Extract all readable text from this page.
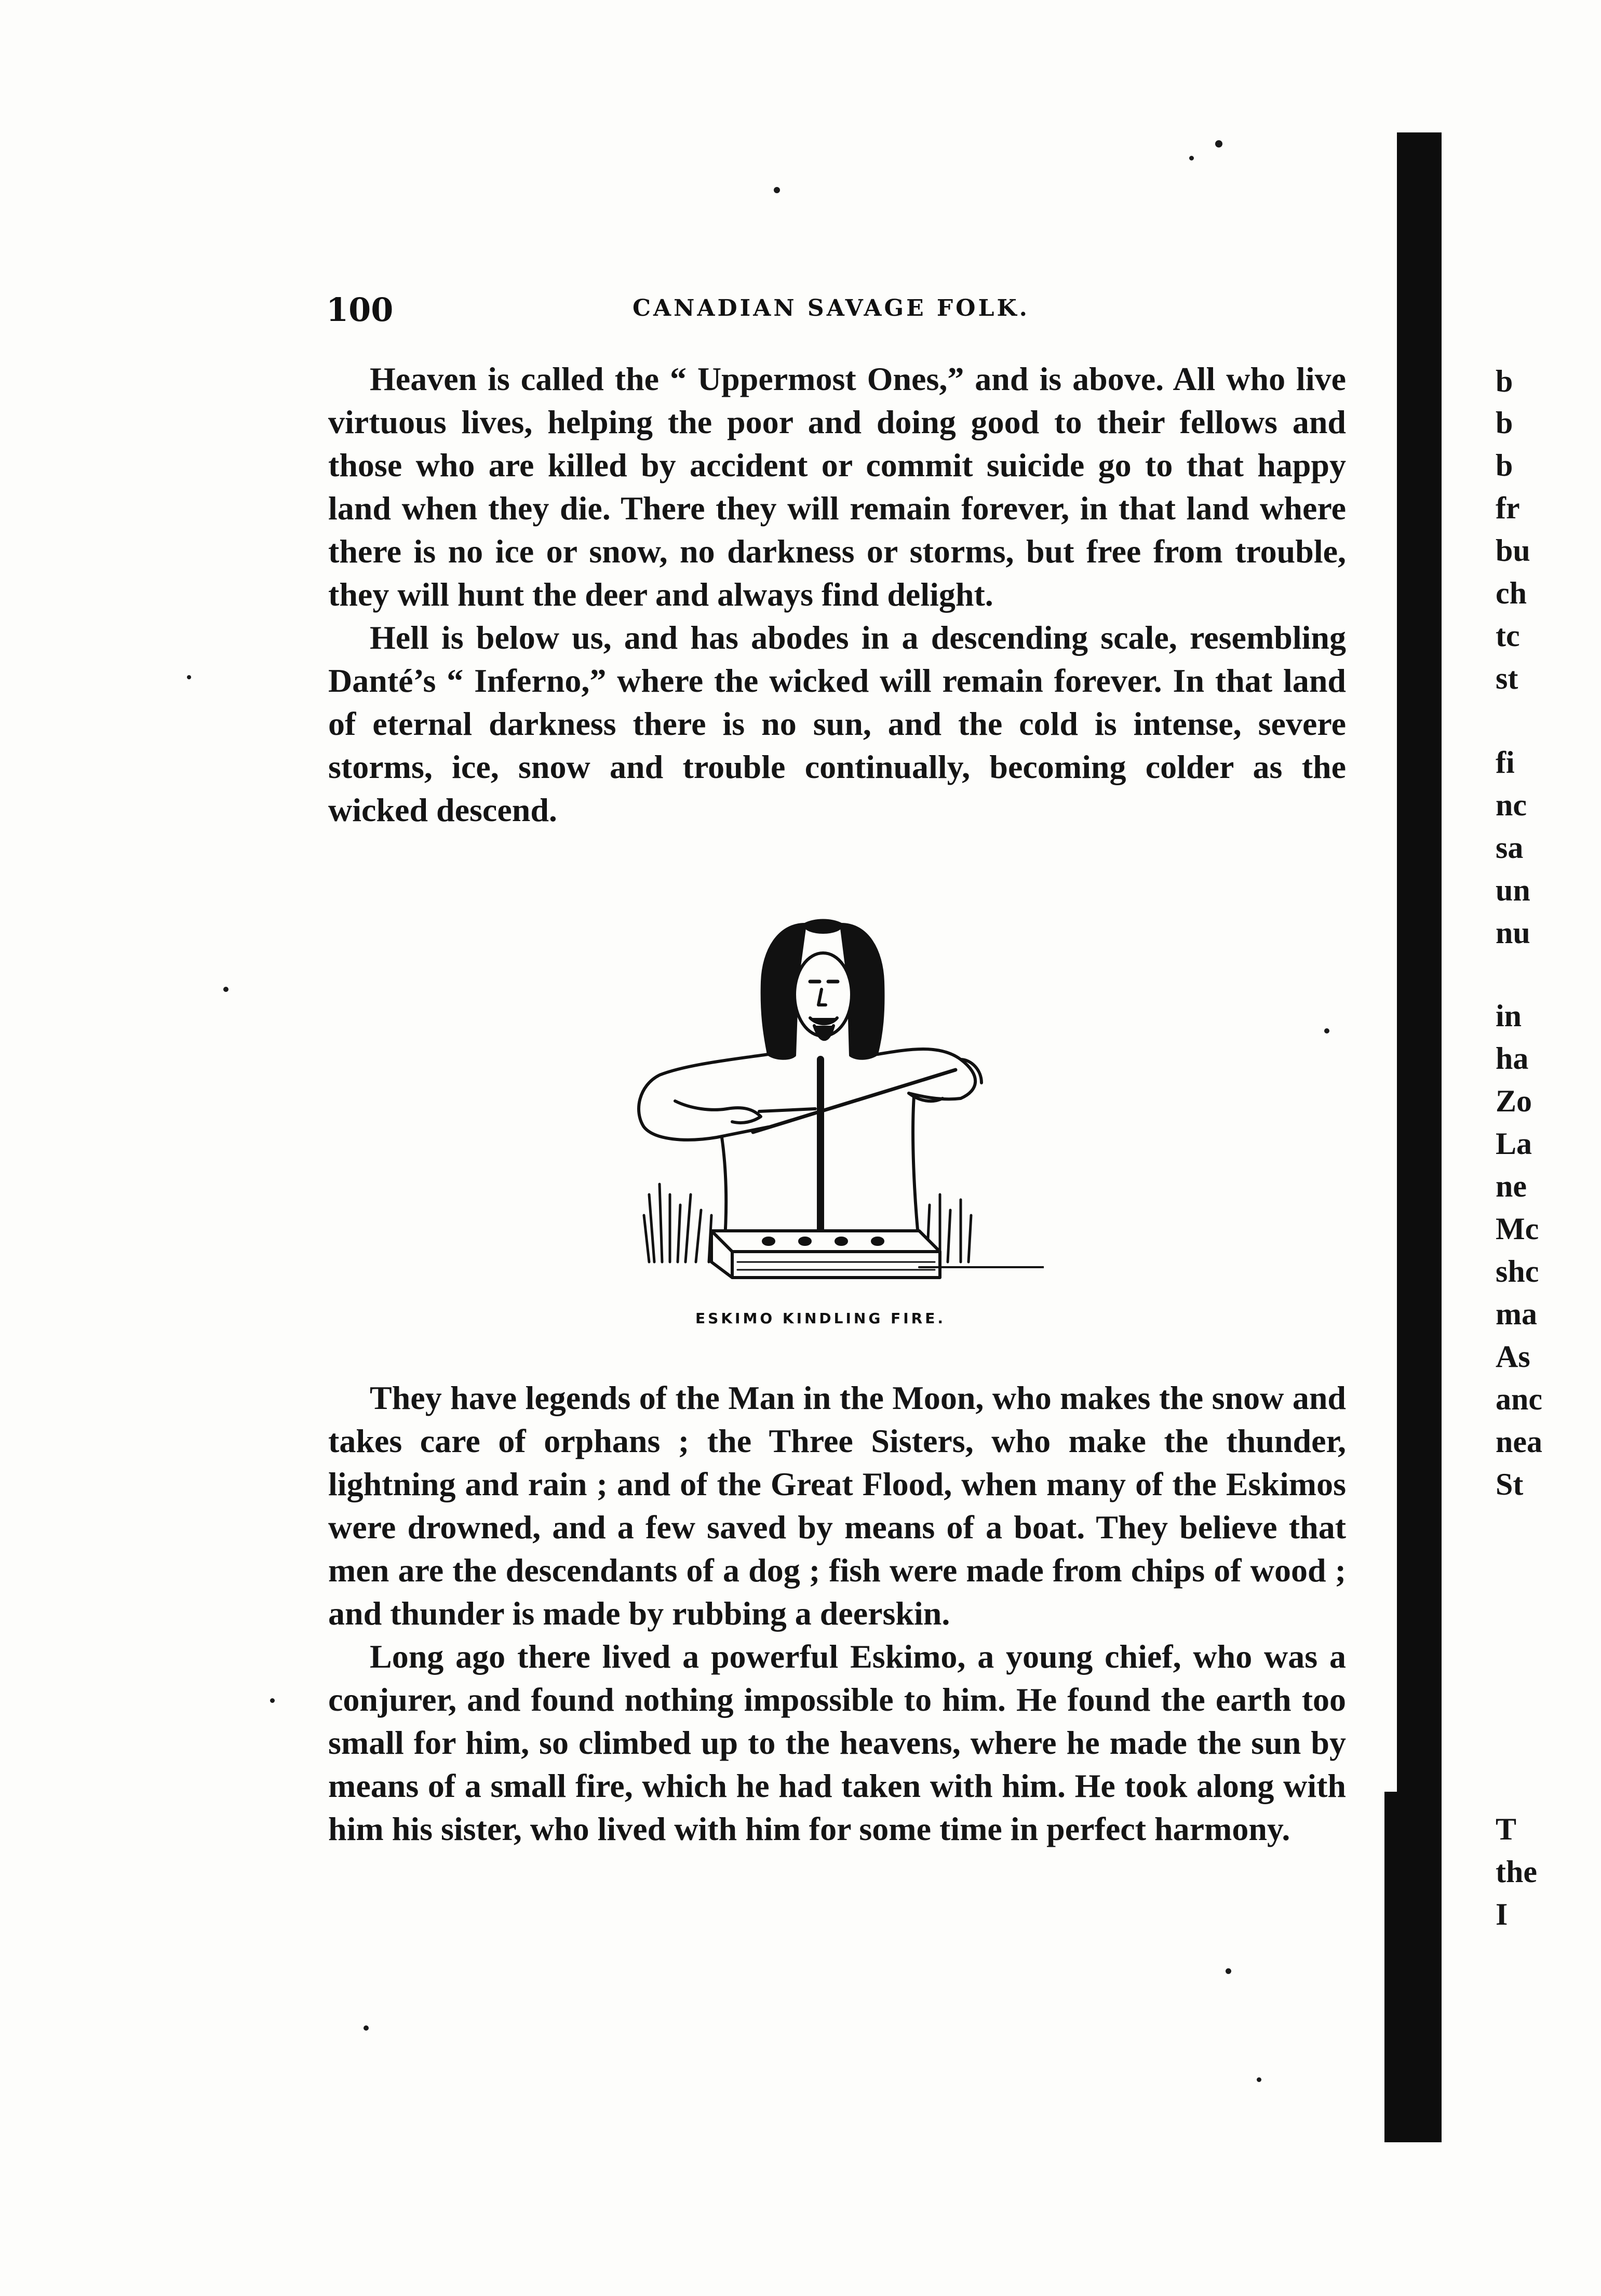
100	CANADIAN SAVAGE FOLK.

Heaven is called the “ Uppermost Ones,” and is above. All who live virtuous lives, helping the poor and doing good to their fellows and those who are killed by accident or commit suicide go to that happy land when they die. There they will remain forever, in that land where there is no ice or snow, no darkness or storms, but free from trouble, they will hunt the deer and always find delight.

Hell is below us, and has abodes in a descending scale, resembling Danté’s “ Inferno,” where the wicked will remain forever. In that land of eternal darkness there is no sun, and the cold is intense, severe storms, ice, snow and trouble continually, becoming colder as the wicked descend.

ESKIMO KINDLING FIRE.

They have legends of the Man in the Moon, who makes the snow and takes care of orphans ; the Three Sisters, who make the thunder, lightning and rain ; and of the Great Flood, when many of the Eskimos were drowned, and a few saved by means of a boat. They believe that men are the descendants of a dog ; fish were made from chips of wood ; and thunder is made by rubbing a deerskin.

Long ago there lived a powerful Eskimo, a young chief, who was a conjurer, and found nothing impossible to him. He found the earth too small for him, so climbed up to the heavens, where he made the sun by means of a small fire, which he had taken with him. He took along with him his sister, who lived with him for some time in perfect harmony.

b
b
b
fr
bu
ch
tc
st
fi
nc
sa
un
nu
in
ha
Zo
La
ne
Mc
shc
ma
As
anc
nea
St
T
the
I
